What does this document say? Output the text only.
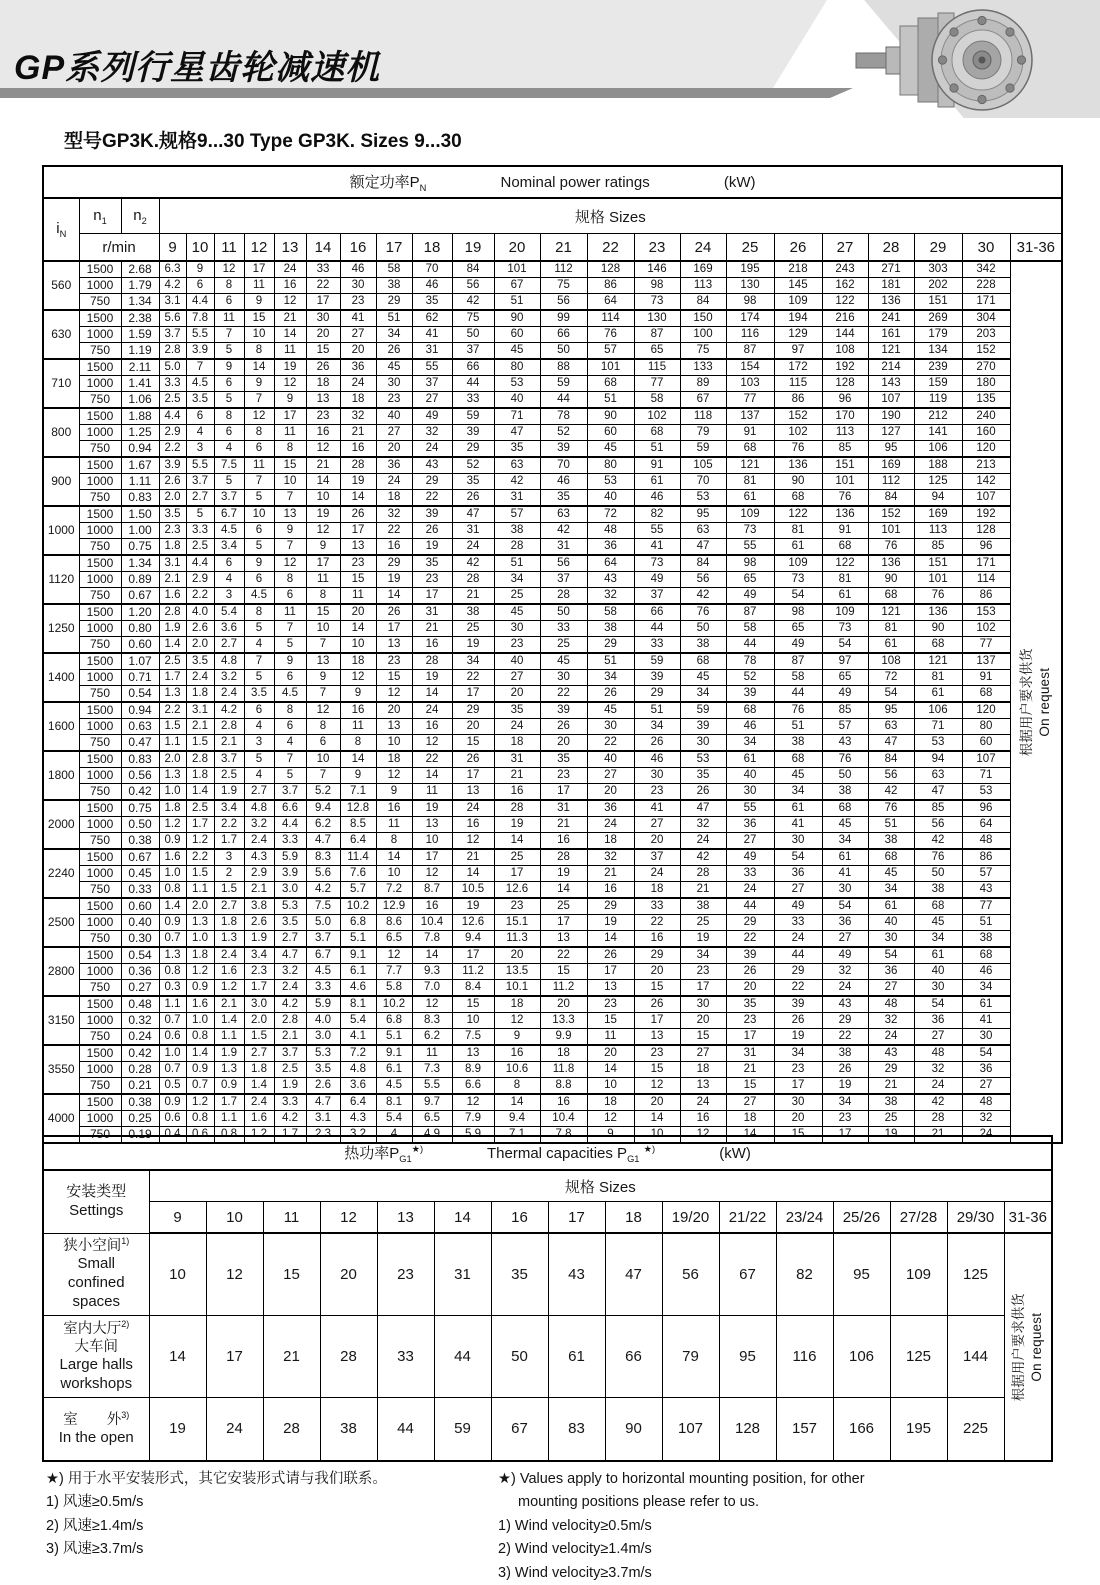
GP系列行星齿轮减速机
型号GP3K.规格9...30 Type GP3K. Sizes 9...30
额定功率$P_N$ Nominal power ratings (kW)																								
$i_N$	$n_1$	$n_2$	规格 Sizes																					
	r/min		9	10	11	12	13	14	16	17	18	19	20	21	22	23	24	25	26	27	28	29	30	31-36
560	1500	2.68	6.3	9	12	17	24	33	46	58	70	84	101	112	128	146	169	195	218	243	271	303	342	根据用户要求供货 On request

	1000	1.79	4.2	6	8	11	16	22	30	38	46	56	67	75	86	98	113	130	145	162	181	202	228	
	750	1.34	3.1	4.4	6	9	12	17	23	29	35	42	51	56	64	73	84	98	109	122	136	151	171	
630	1500	2.38	5.6	7.8	11	15	21	30	41	51	62	75	90	99	114	130	150	174	194	216	241	269	304	
	1000	1.59	3.7	5.5	7	10	14	20	27	34	41	50	60	66	76	87	100	116	129	144	161	179	203	
	750	1.19	2.8	3.9	5	8	11	15	20	26	31	37	45	50	57	65	75	87	97	108	121	134	152	
710	1500	2.11	5.0	7	9	14	19	26	36	45	55	66	80	88	101	115	133	154	172	192	214	239	270	
	1000	1.41	3.3	4.5	6	9	12	18	24	30	37	44	53	59	68	77	89	103	115	128	143	159	180	
	750	1.06	2.5	3.5	5	7	9	13	18	23	27	33	40	44	51	58	67	77	86	96	107	119	135	
800	1500	1.88	4.4	6	8	12	17	23	32	40	49	59	71	78	90	102	118	137	152	170	190	212	240	
	1000	1.25	2.9	4	6	8	11	16	21	27	32	39	47	52	60	68	79	91	102	113	127	141	160	
	750	0.94	2.2	3	4	6	8	12	16	20	24	29	35	39	45	51	59	68	76	85	95	106	120	
900	1500	1.67	3.9	5.5	7.5	11	15	21	28	36	43	52	63	70	80	91	105	121	136	151	169	188	213	
	1000	1.11	2.6	3.7	5	7	10	14	19	24	29	35	42	46	53	61	70	81	90	101	112	125	142	
	750	0.83	2.0	2.7	3.7	5	7	10	14	18	22	26	31	35	40	46	53	61	68	76	84	94	107	
1000	1500	1.50	3.5	5	6.7	10	13	19	26	32	39	47	57	63	72	82	95	109	122	136	152	169	192	
	1000	1.00	2.3	3.3	4.5	6	9	12	17	22	26	31	38	42	48	55	63	73	81	91	101	113	128	
	750	0.75	1.8	2.5	3.4	5	7	9	13	16	19	24	28	31	36	41	47	55	61	68	76	85	96	
1120	1500	1.34	3.1	4.4	6	9	12	17	23	29	35	42	51	56	64	73	84	98	109	122	136	151	171	
	1000	0.89	2.1	2.9	4	6	8	11	15	19	23	28	34	37	43	49	56	65	73	81	90	101	114	
	750	0.67	1.6	2.2	3	4.5	6	8	11	14	17	21	25	28	32	37	42	49	54	61	68	76	86	
1250	1500	1.20	2.8	4.0	5.4	8	11	15	20	26	31	38	45	50	58	66	76	87	98	109	121	136	153	
	1000	0.80	1.9	2.6	3.6	5	7	10	14	17	21	25	30	33	38	44	50	58	65	73	81	90	102	
	750	0.60	1.4	2.0	2.7	4	5	7	10	13	16	19	23	25	29	33	38	44	49	54	61	68	77	
1400	1500	1.07	2.5	3.5	4.8	7	9	13	18	23	28	34	40	45	51	59	68	78	87	97	108	121	137	
	1000	0.71	1.7	2.4	3.2	5	6	9	12	15	19	22	27	30	34	39	45	52	58	65	72	81	91	
	750	0.54	1.3	1.8	2.4	3.5	4.5	7	9	12	14	17	20	22	26	29	34	39	44	49	54	61	68	
1600	1500	0.94	2.2	3.1	4.2	6	8	12	16	20	24	29	35	39	45	51	59	68	76	85	95	106	120	
	1000	0.63	1.5	2.1	2.8	4	6	8	11	13	16	20	24	26	30	34	39	46	51	57	63	71	80	
	750	0.47	1.1	1.5	2.1	3	4	6	8	10	12	15	18	20	22	26	30	34	38	43	47	53	60	
1800	1500	0.83	2.0	2.8	3.7	5	7	10	14	18	22	26	31	35	40	46	53	61	68	76	84	94	107	
	1000	0.56	1.3	1.8	2.5	4	5	7	9	12	14	17	21	23	27	30	35	40	45	50	56	63	71	
	750	0.42	1.0	1.4	1.9	2.7	3.7	5.2	7.1	9	11	13	16	17	20	23	26	30	34	38	42	47	53	
2000	1500	0.75	1.8	2.5	3.4	4.8	6.6	9.4	12.8	16	19	24	28	31	36	41	47	55	61	68	76	85	96	
	1000	0.50	1.2	1.7	2.2	3.2	4.4	6.2	8.5	11	13	16	19	21	24	27	32	36	41	45	51	56	64	
	750	0.38	0.9	1.2	1.7	2.4	3.3	4.7	6.4	8	10	12	14	16	18	20	24	27	30	34	38	42	48	
2240	1500	0.67	1.6	2.2	3	4.3	5.9	8.3	11.4	14	17	21	25	28	32	37	42	49	54	61	68	76	86	
	1000	0.45	1.0	1.5	2	2.9	3.9	5.6	7.6	10	12	14	17	19	21	24	28	33	36	41	45	50	57	
	750	0.33	0.8	1.1	1.5	2.1	3.0	4.2	5.7	7.2	8.7	10.5	12.6	14	16	18	21	24	27	30	34	38	43	
2500	1500	0.60	1.4	2.0	2.7	3.8	5.3	7.5	10.2	12.9	16	19	23	25	29	33	38	44	49	54	61	68	77	
	1000	0.40	0.9	1.3	1.8	2.6	3.5	5.0	6.8	8.6	10.4	12.6	15.1	17	19	22	25	29	33	36	40	45	51	
	750	0.30	0.7	1.0	1.3	1.9	2.7	3.7	5.1	6.5	7.8	9.4	11.3	13	14	16	19	22	24	27	30	34	38	
2800	1500	0.54	1.3	1.8	2.4	3.4	4.7	6.7	9.1	12	14	17	20	22	26	29	34	39	44	49	54	61	68	
	1000	0.36	0.8	1.2	1.6	2.3	3.2	4.5	6.1	7.7	9.3	11.2	13.5	15	17	20	23	26	29	32	36	40	46	
	750	0.27	0.3	0.9	1.2	1.7	2.4	3.3	4.6	5.8	7.0	8.4	10.1	11.2	13	15	17	20	22	24	27	30	34	
3150	1500	0.48	1.1	1.6	2.1	3.0	4.2	5.9	8.1	10.2	12	15	18	20	23	26	30	35	39	43	48	54	61	
	1000	0.32	0.7	1.0	1.4	2.0	2.8	4.0	5.4	6.8	8.3	10	12	13.3	15	17	20	23	26	29	32	36	41	
	750	0.24	0.6	0.8	1.1	1.5	2.1	3.0	4.1	5.1	6.2	7.5	9	9.9	11	13	15	17	19	22	24	27	30	
3550	1500	0.42	1.0	1.4	1.9	2.7	3.7	5.3	7.2	9.1	11	13	16	18	20	23	27	31	34	38	43	48	54	
	1000	0.28	0.7	0.9	1.3	1.8	2.5	3.5	4.8	6.1	7.3	8.9	10.6	11.8	14	15	18	21	23	26	29	32	36	
	750	0.21	0.5	0.7	0.9	1.4	1.9	2.6	3.6	4.5	5.5	6.6	8	8.8	10	12	13	15	17	19	21	24	27	
4000	1500	0.38	0.9	1.2	1.7	2.4	3.3	4.7	6.4	8.1	9.7	12	14	16	18	20	24	27	30	34	38	42	48	
	1000	0.25	0.6	0.8	1.1	1.6	4.2	3.1	4.3	5.4	6.5	7.9	9.4	10.4	12	14	16	18	20	23	25	28	32	
	750	0.19	0.4	0.6	0.8	1.2	1.7	2.3	3.2	4	4.9	5.9	7.1	7.8	9	10	12	14	15	17	19	21	24	
热功率$P_{G1}^{★)}$ Thermal capacities $P_{G1}$ ★) (kW)																

安装类型
Settings	规格 Sizes															
	9	10	11	12	13	14	16	17	18	19/20	21/22	23/24	25/26	27/28	29/30	31-36

狭小空间$^{1)}$
Small
confined
spaces
	10	12	15	20	23	31	35	43	47	56	67	82	95	109	125	
根据用户要求供货 On request

室内大厅$^{2)}$
大车间
Large halls
workshops	14	17	21	28	33	44	50	61	66	79	95	116	106	125	144	

室　　外$^{3)}$
In the open	19	24	28	38	44	59	67	83	90	107	128	157	166	195	225	
★) 用于水平安装形式，其它安装形式请与我们联系。
1) 风速≥0.5m/s
2) 风速≥1.4m/s
3) 风速≥3.7m/s
★) Values apply to horizontal mounting position, for other
mounting positions please refer to us.
1) Wind velocity≥0.5m/s
2) Wind velocity≥1.4m/s
3) Wind velocity≥3.7m/s
